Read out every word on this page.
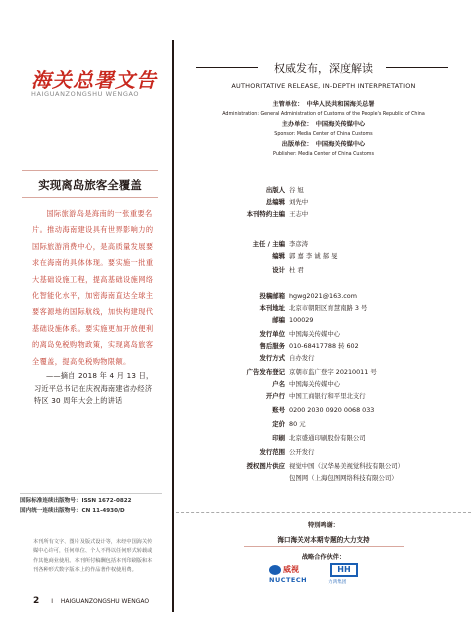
海关总署文告
HAIGUANZONGSHU WENGAO
实现离岛旅客全覆盖
国际旅游岛是海南的一张重要名片。推动海南建设具有世界影响力的国际旅游消费中心，是高质量发展要求在海南的具体体现。要实施一批重大基础设施工程，提高基础设施网络化智能化水平，加密海南直达全球主要客源地的国际航线，加快构建现代基础设施体系。要实施更加开放便利的离岛免税购物政策，实现离岛旅客全覆盖，提高免税购物限额。
——摘自 2018 年 4 月 13 日，
习近平总书记在庆祝海南建省办经济
特区 30 周年大会上的讲话
国际标准连续出版物号：ISSN 1672-0822
国内统一连续出版物号：CN 11-4930/D
本刊所有文字、图片及版式设计等，未经中国海关传媒中心许可，任何单位、个人不得以任何形式转载或作其他商业使用。本刊所付稿酬包括本刊印刷版和本刊各种形式数字版本上的作品著作权使用费。
2 I HAIGUANZONGSHU WENGAO
权威发布，深度解读
AUTHORITATIVE RELEASE, IN-DEPTH INTERPRETATION
主管单位： 中华人民共和国海关总署
Administration: General Administration of Customs of the People's Republic of China
主办单位： 中国海关传媒中心
Sponsor: Media Center of China Customs
出版单位： 中国海关传媒中心
Publisher: Media Center of China Customs
出版人 谷 旭
总编辑 刘先中
本刊特约主编 王志中
主任 / 主编 李彦涛
编辑 郭 嘉 李 诚 郝 旻
设计 杜 君
投稿邮箱 hgwg2021@163.com
本刊地址 北京市朝阳区育慧南路 3 号
邮编 100029
发行单位 中国海关传媒中心
售后服务 010-68417788 转 602
发行方式 自办发行
广告发布登记 京朝市监广登字 20210011 号
户名 中国海关传媒中心
开户行 中国工商银行和平里北支行
账号 0200 2030 0920 0068 033
定价 80 元
印刷 北京盛通印刷股份有限公司
发行范围 公开发行
授权图片供应 视觉中国（汉华易美视觉科技有限公司）
包图网（上海包图网络科技有限公司）
特别鸣谢：
海口海关对本期专题的大力支持
战略合作伙伴：
威视
NUCTECH
HH
力鸿集团
